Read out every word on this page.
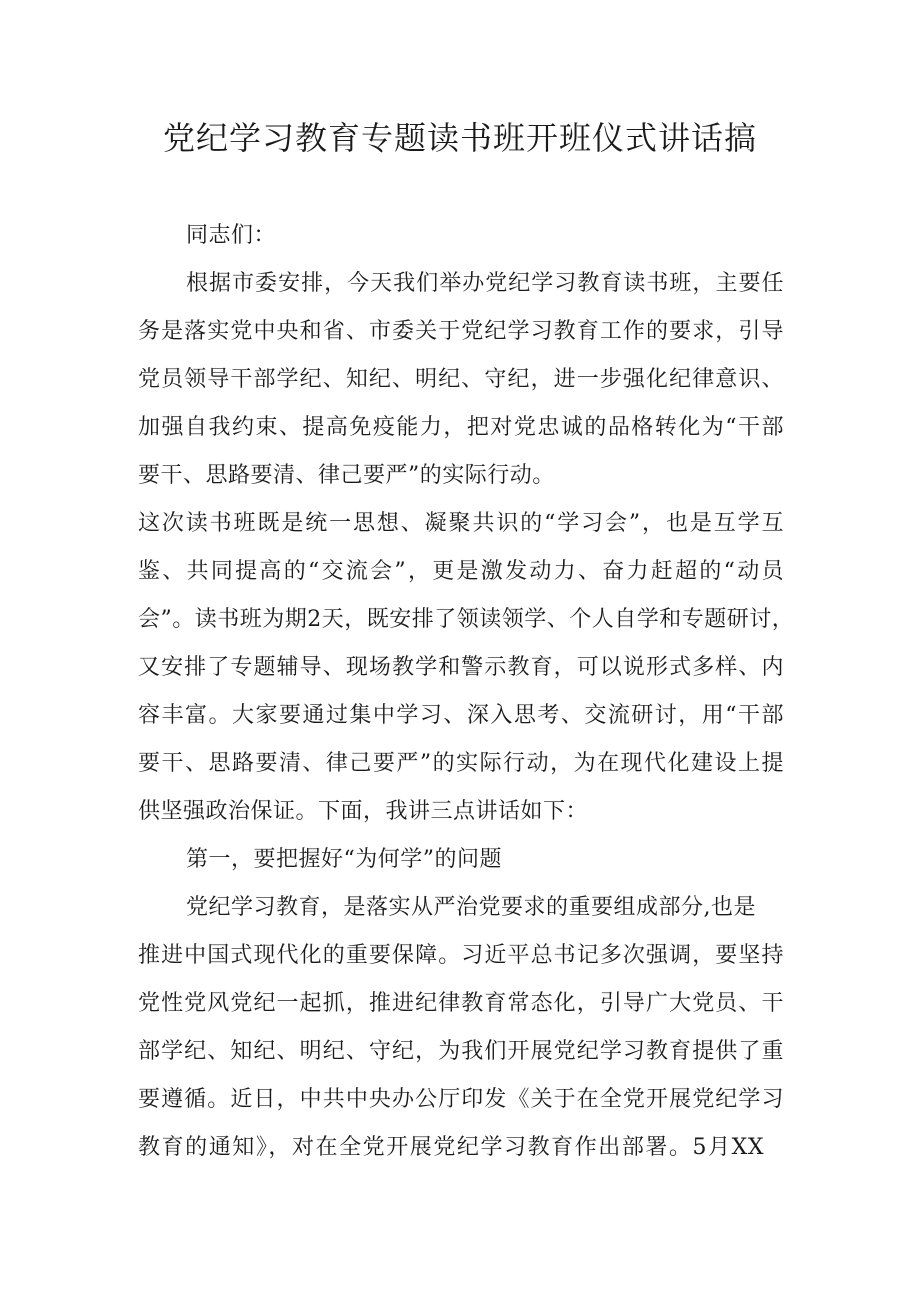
党纪学习教育专题读书班开班仪式讲话搞
同志们：
根据市委安排，今天我们举办党纪学习教育读书班，主要任
务是落实党中央和省、市委关于党纪学习教育工作的要求，引导
党员领导干部学纪、知纪、明纪、守纪，进一步强化纪律意识、
加强自我约束、提高免疫能力，把对党忠诚的品格转化为“干部
要干、思路要清、律己要严”的实际行动。
这次读书班既是统一思想、凝聚共识的“学习会”，也是互学互
鉴、共同提高的“交流会”，更是激发动力、奋力赶超的“动员
会”。读书班为期2天，既安排了领读领学、个人自学和专题研讨，
又安排了专题辅导、现场教学和警示教育，可以说形式多样、内
容丰富。大家要通过集中学习、深入思考、交流研讨，用“干部
要干、思路要清、律己要严”的实际行动，为在现代化建设上提
供坚强政治保证。下面，我讲三点讲话如下：
第一，要把握好“为何学”的问题
党纪学习教育，是落实从严治党要求的重要组成部分,也是
推进中国式现代化的重要保障。习近平总书记多次强调，要坚持
党性党风党纪一起抓，推进纪律教育常态化，引导广大党员、干
部学纪、知纪、明纪、守纪，为我们开展党纪学习教育提供了重
要遵循。近日，中共中央办公厅印发《关于在全党开展党纪学习
教育的通知》，对在全党开展党纪学习教育作出部署。5月XX
